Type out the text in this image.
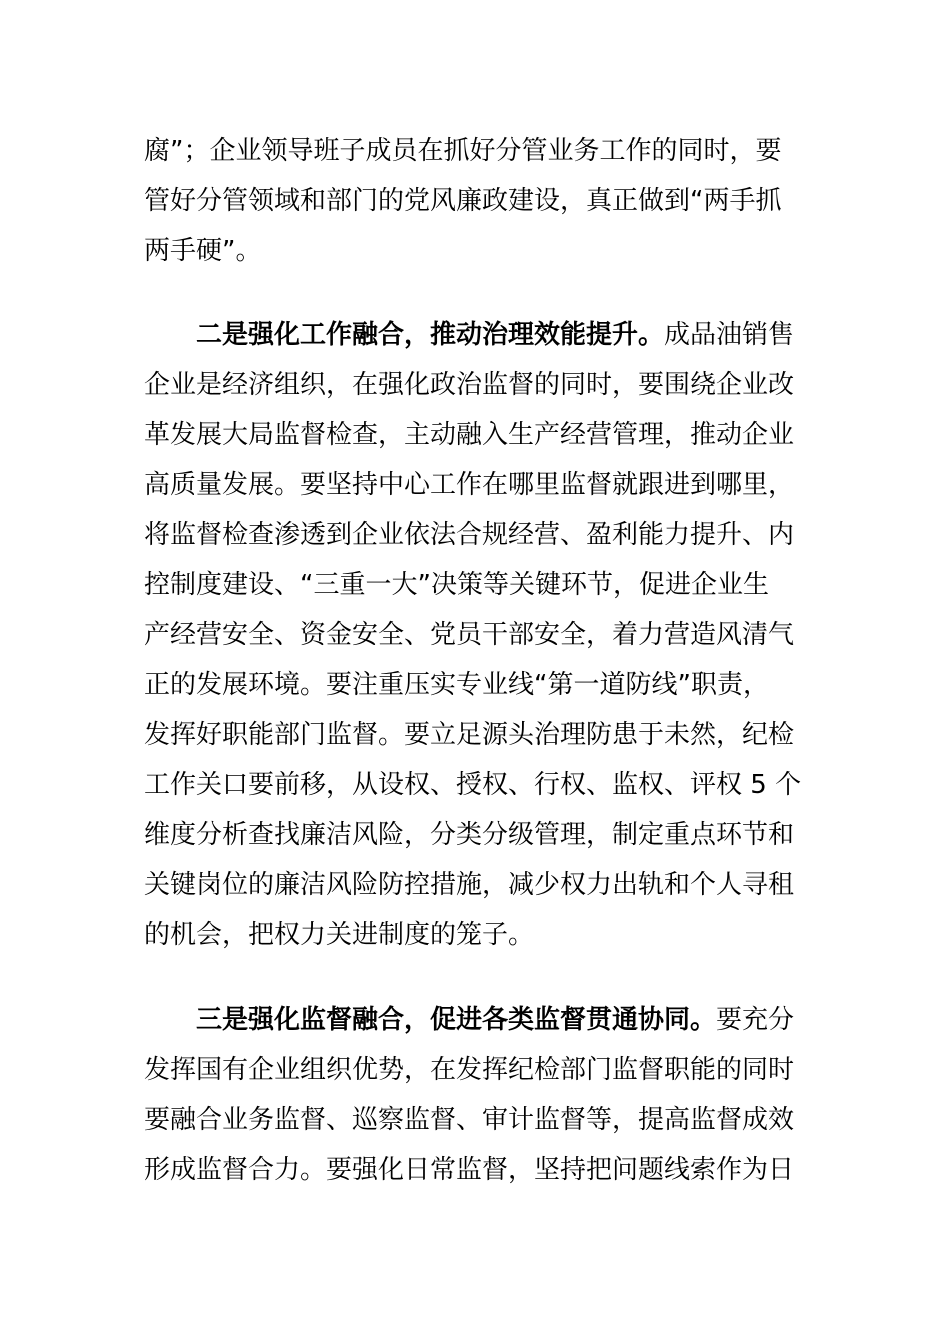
腐”；企业领导班子成员在抓好分管业务工作的同时，要
管好分管领域和部门的党风廉政建设，真正做到“两手抓
两手硬”。
二是强化工作融合，推动治理效能提升。成品油销售
企业是经济组织，在强化政治监督的同时，要围绕企业改
革发展大局监督检查，主动融入生产经营管理，推动企业
高质量发展。要坚持中心工作在哪里监督就跟进到哪里，
将监督检查渗透到企业依法合规经营、盈利能力提升、内
控制度建设、“三重一大”决策等关键环节，促进企业生
产经营安全、资金安全、党员干部安全，着力营造风清气
正的发展环境。要注重压实专业线“第一道防线”职责，
发挥好职能部门监督。要立足源头治理防患于未然，纪检
工作关口要前移，从设权、授权、行权、监权、评权 5 个
维度分析查找廉洁风险，分类分级管理，制定重点环节和
关键岗位的廉洁风险防控措施，减少权力出轨和个人寻租
的机会，把权力关进制度的笼子。
三是强化监督融合，促进各类监督贯通协同。要充分
发挥国有企业组织优势，在发挥纪检部门监督职能的同时
要融合业务监督、巡察监督、审计监督等，提高监督成效
形成监督合力。要强化日常监督，坚持把问题线索作为日
